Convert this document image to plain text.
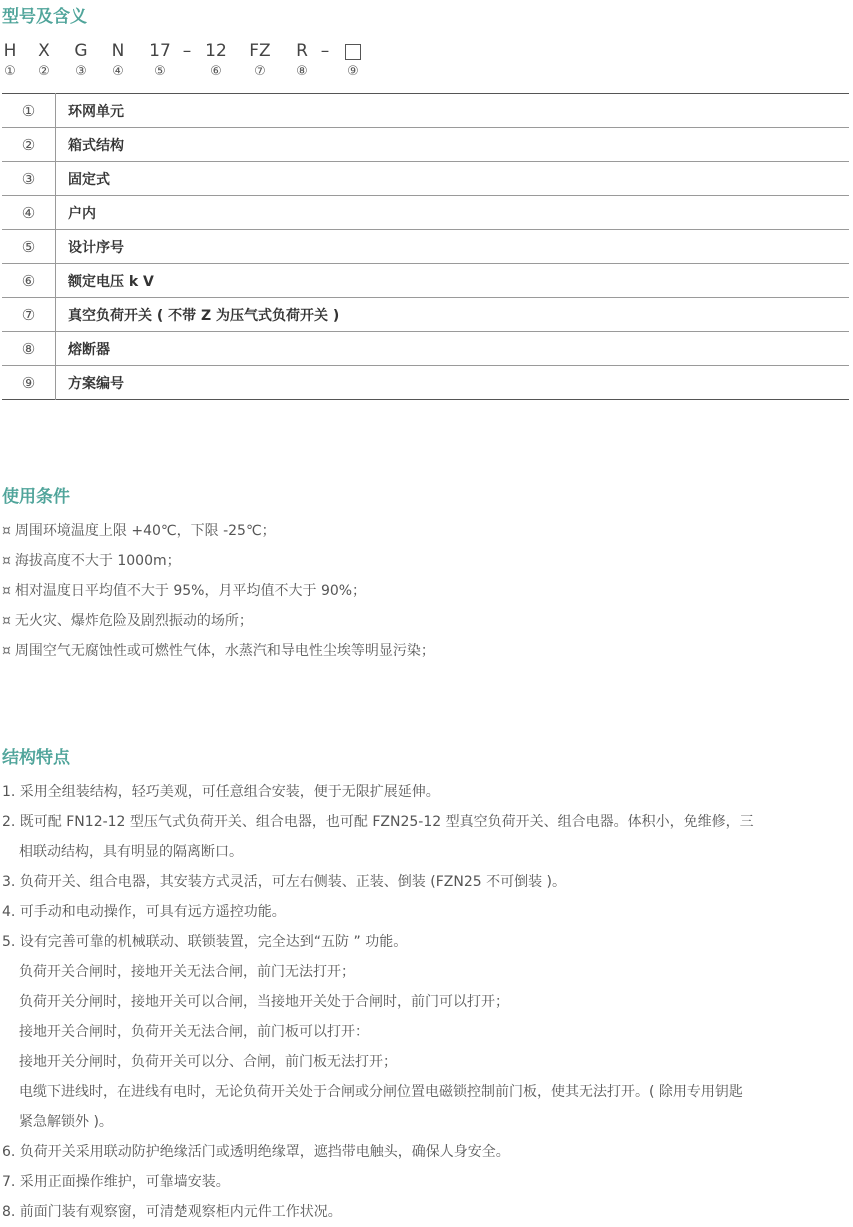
型号及含义
H
①
X
②
G
③
N
④
17
⑤
– 12
⑥
FZ
⑦
R
⑧
–
⑨
①	环网单元
②	箱式结构
③	固定式
④	户内
⑤	设计序号
⑥	额定电压 k V
⑦	真空负荷开关 ( 不带 Z 为压气式负荷开关 )
⑧	熔断器
⑨	方案编号
使用条件
¤ 周围环境温度上限 +40℃，下限 -25℃；
¤ 海拔高度不大于 1000m；
¤ 相对温度日平均值不大于 95%，月平均值不大于 90%；
¤ 无火灾、爆炸危险及剧烈振动的场所；
¤ 周围空气无腐蚀性或可燃性气体，水蒸汽和导电性尘埃等明显污染；
结构特点
1. 采用全组装结构，轻巧美观，可任意组合安装，便于无限扩展延伸。
2. 既可配 FN12-12 型压气式负荷开关、组合电器，也可配 FZN25-12 型真空负荷开关、组合电器。体积小，免维修，三
相联动结构，具有明显的隔离断口。
3. 负荷开关、组合电器，其安装方式灵活，可左右侧装、正装、倒装 (FZN25 不可倒装 )。
4. 可手动和电动操作，可具有远方遥控功能。
5. 设有完善可靠的机械联动、联锁装置，完全达到“五防 ” 功能。
负荷开关合闸时，接地开关无法合闸，前门无法打开；
负荷开关分闸时，接地开关可以合闸，当接地开关处于合闸时，前门可以打开；
接地开关合闸时，负荷开关无法合闸，前门板可以打开：
接地开关分闸时，负荷开关可以分、合闸，前门板无法打开；
电缆下进线时，在进线有电时，无论负荷开关处于合闸或分闸位置电磁锁控制前门板，使其无法打开。( 除用专用钥匙
紧急解锁外 )。
6. 负荷开关采用联动防护绝缘活门或透明绝缘罩，遮挡带电触头，确保人身安全。
7. 采用正面操作维护，可靠墙安装。
8. 前面门装有观察窗，可清楚观察柜内元件工作状况。
